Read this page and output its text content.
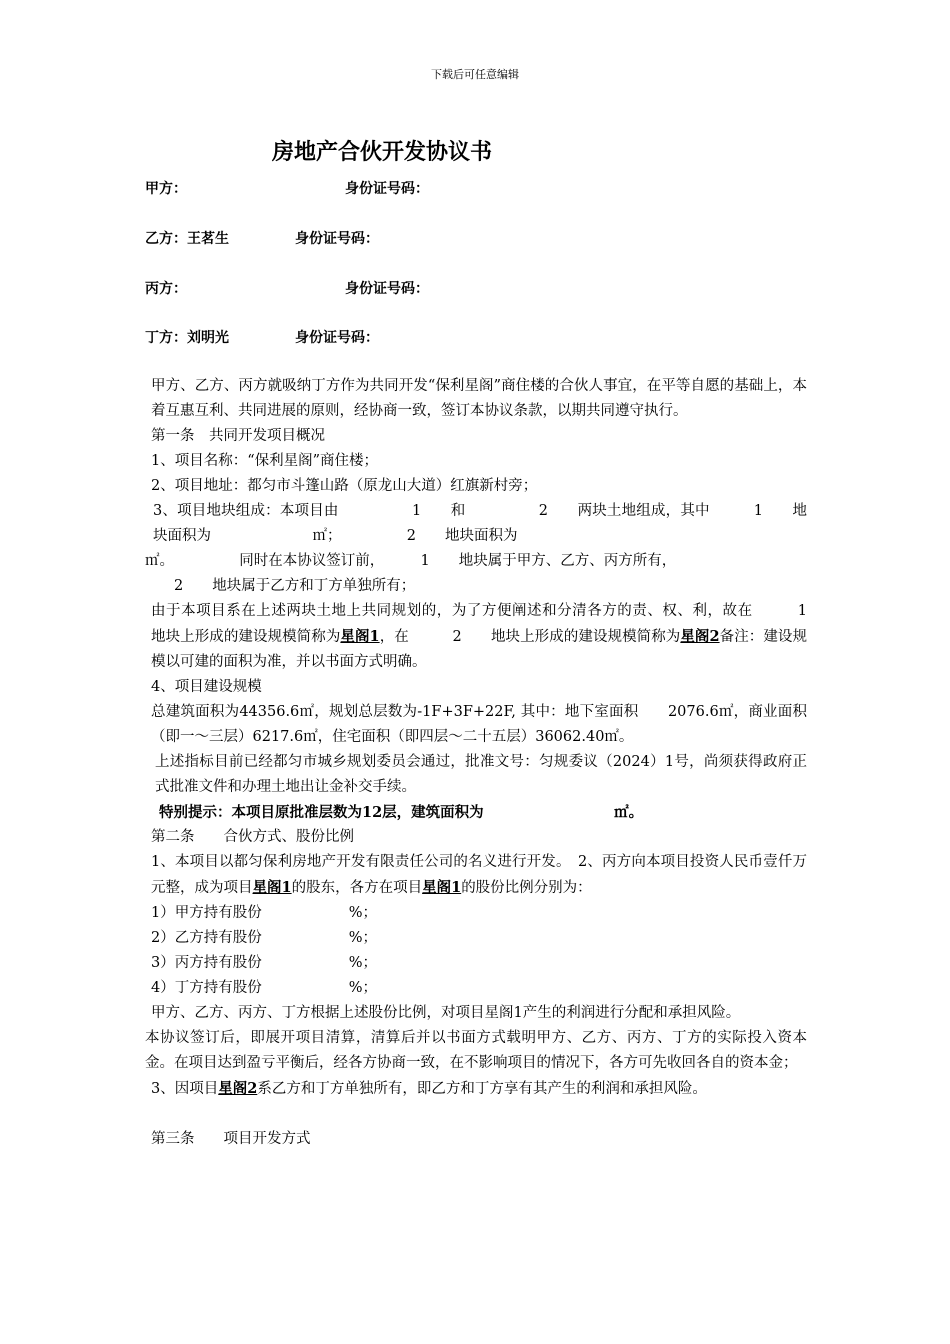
下载后可任意编辑
房地产合伙开发协议书
甲方：	身份证号码：
乙方：王茗生	身份证号码：
丙方：	身份证号码：
丁方：刘明光	身份证号码：

甲方、乙方、丙方就吸纳丁方作为共同开发“保利星阁”商住楼的合伙人事宜，在平等自愿的基础上，本着互惠互利、共同进展的原则，经协商一致，签订本协议条款，以期共同遵守执行。

第一条　共同开发项目概况

1、项目名称：“保利星阁”商住楼；

2、项目地址：都匀市斗篷山路（原龙山大道）红旗新村旁；

3、项目地块组成：本项目由　　　　　1　　和　　　　　2　　两块土地组成，其中　　　1　　地块面积为　　　　　　　㎡；　　　　　2　　地块面积为

㎡。　　　　　同时在本协议签订前，　　　1　　地块属于甲方、乙方、丙方所有，

　　2　　地块属于乙方和丁方单独所有；

由于本项目系在上述两块土地上共同规划的，为了方便阐述和分清各方的责、权、利，故在　　　1　　地块上形成的建设规模简称为星阁1，在　　　2　　地块上形成的建设规模简称为星阁2备注：建设规模以可建的面积为准，并以书面方式明确。

4、项目建设规模

总建筑面积为44356.6㎡，规划总层数为-1F+3F+22F, 其中：地下室面积　　2076.6㎡，商业面积（即一～三层）6217.6㎡，住宅面积（即四层～二十五层）36062.40㎡。

上述指标目前已经都匀市城乡规划委员会通过，批准文号：匀规委议（2024）1号，尚须获得政府正式批准文件和办理土地出让金补交手续。

特别提示：本项目原批准层数为12层，建筑面积为　　　　　　　　　㎡。

第二条　　合伙方式、股份比例

1、本项目以都匀保利房地产开发有限责任公司的名义进行开发。　2、丙方向本项目投资人民币壹仟万元整，成为项目星阁1的股东，各方在项目星阁1的股份比例分别为：

1）甲方持有股份　　　　　　%；

2）乙方持有股份　　　　　　%；

3）丙方持有股份　　　　　　%；

4）丁方持有股份　　　　　　%；

甲方、乙方、丙方、丁方根据上述股份比例，对项目星阁1产生的利润进行分配和承担风险。

本协议签订后，即展开项目清算，清算后并以书面方式载明甲方、乙方、丙方、丁方的实际投入资本金。在项目达到盈亏平衡后，经各方协商一致，在不影响项目的情况下，各方可先收回各自的资本金；

3、因项目星阁2系乙方和丁方单独所有，即乙方和丁方享有其产生的利润和承担风险。

第三条　　项目开发方式
